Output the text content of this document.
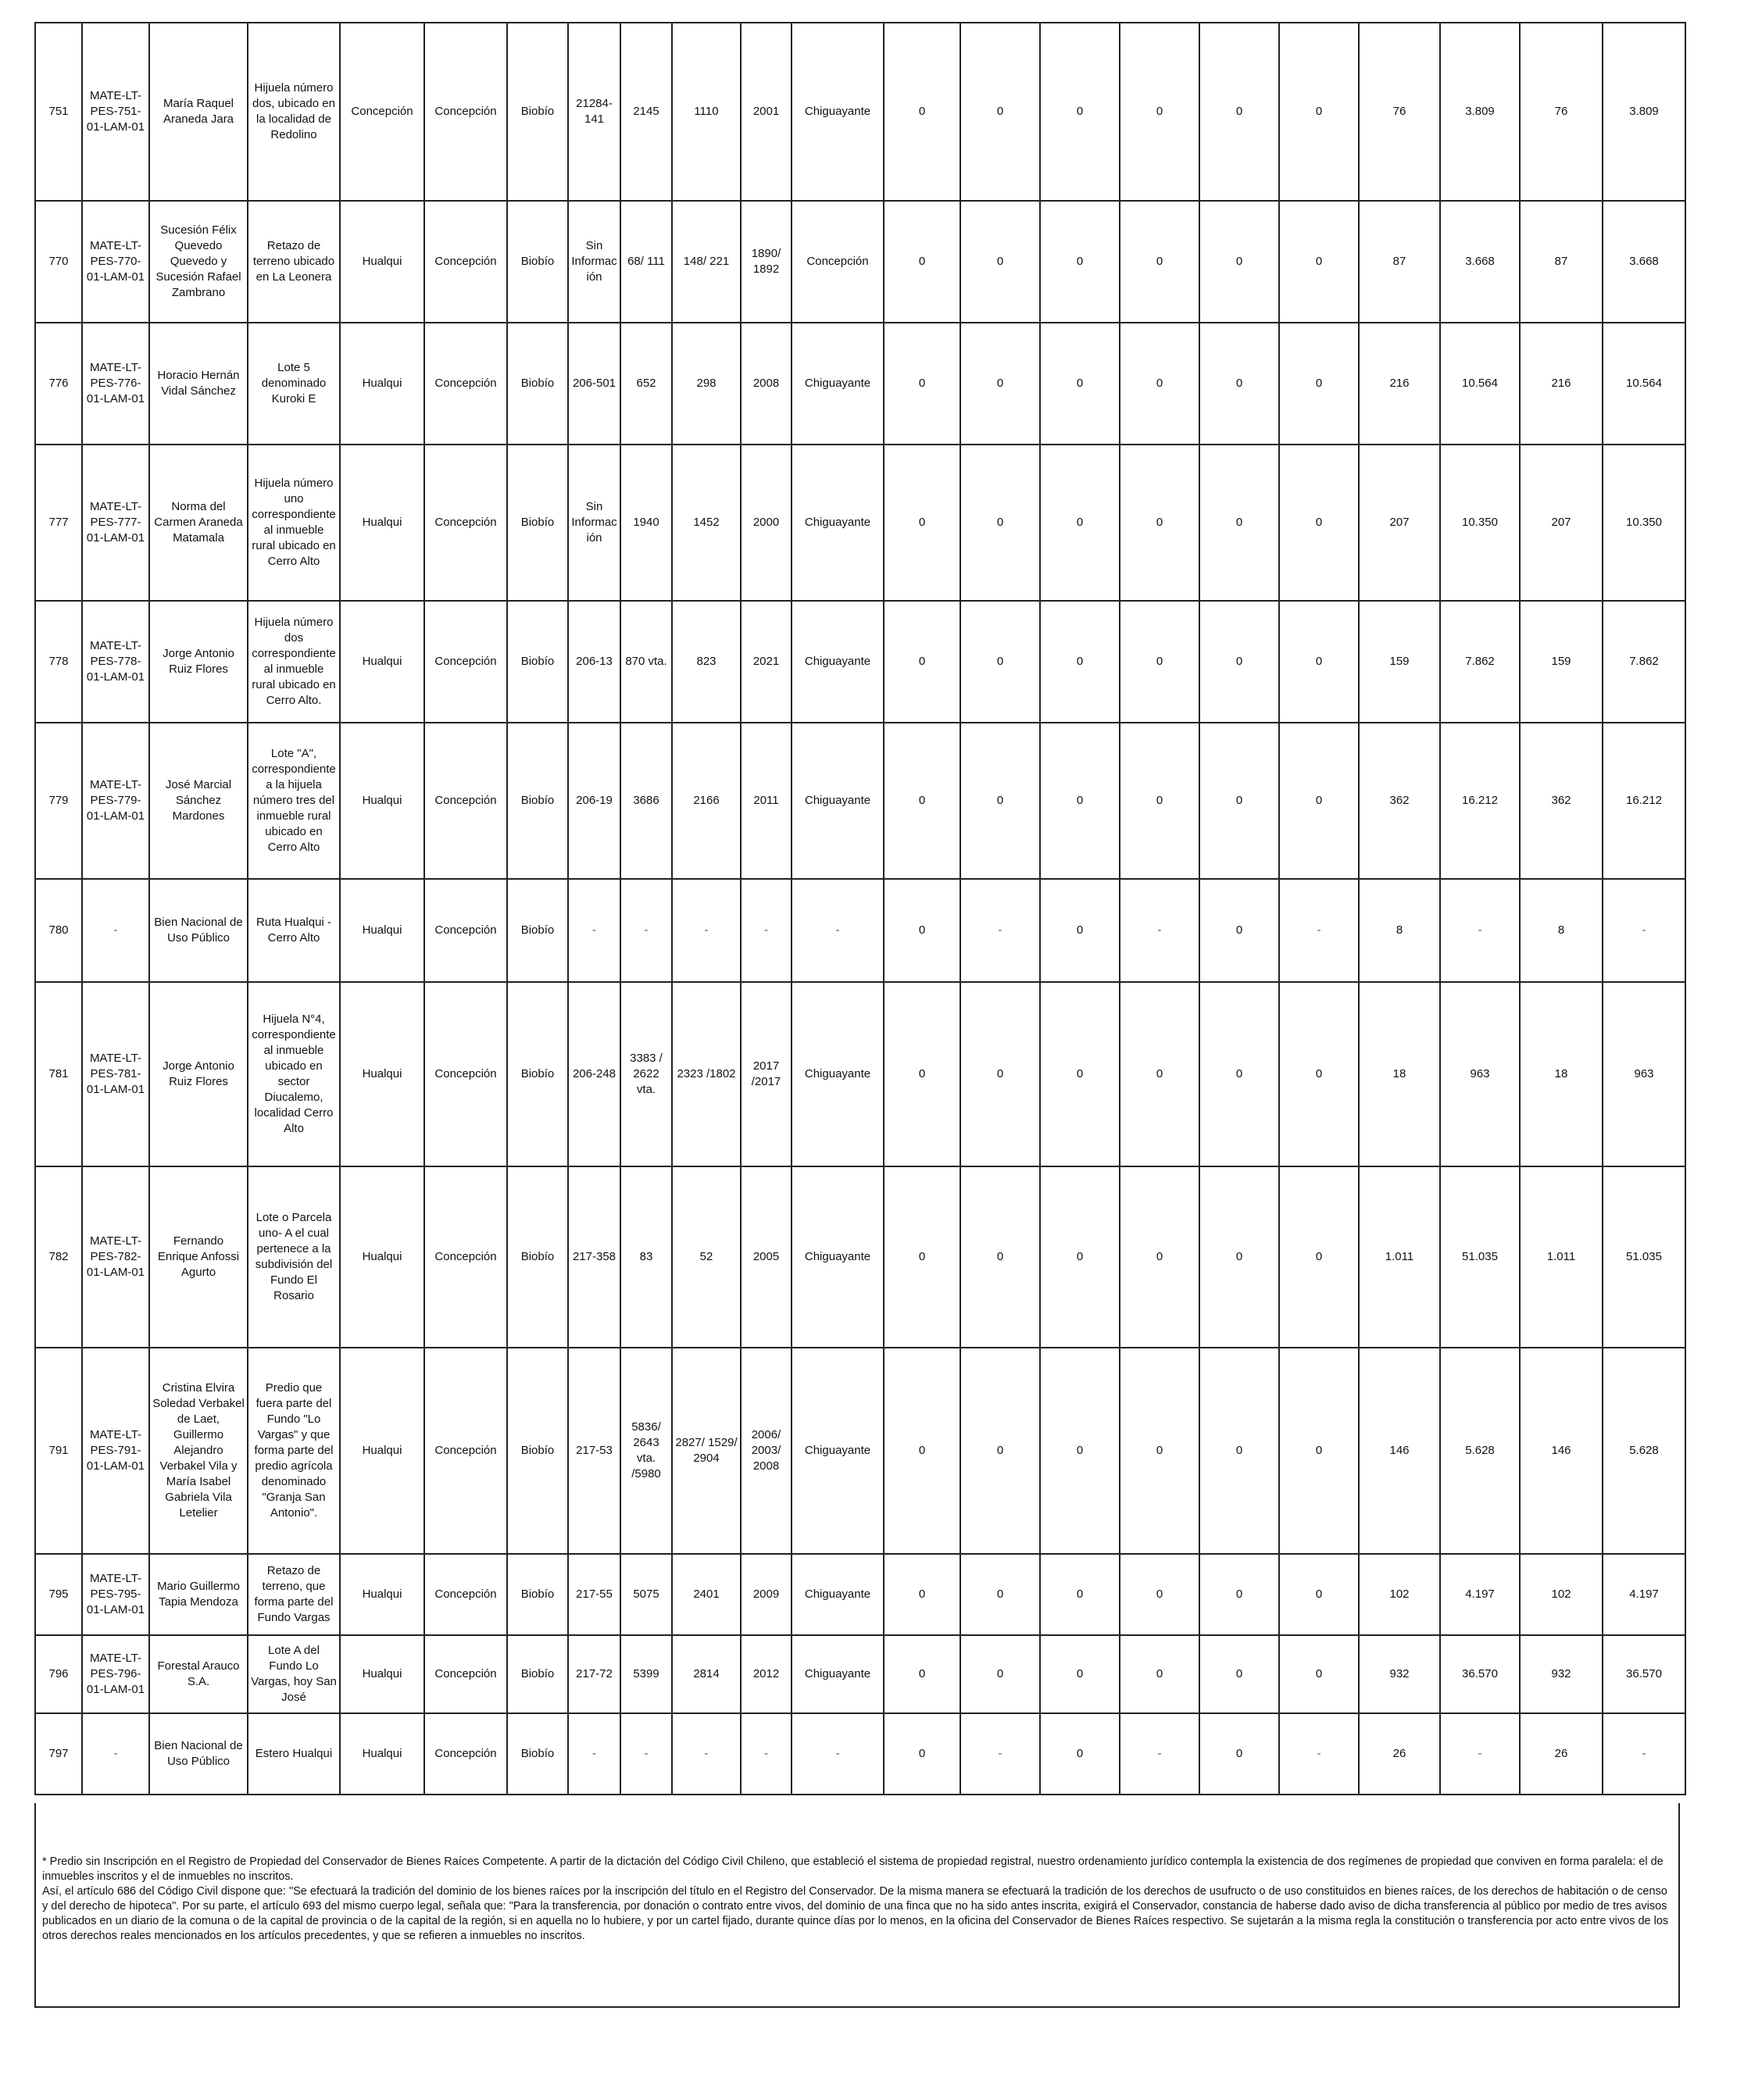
751	MATE-LT-PES-751-01-LAM-01	María Raquel Araneda Jara	Hijuela número dos, ubicado en la localidad de Redolino	Concepción	Concepción	Biobío	21284-141	2145	1110	2001	Chiguayante	0	0	0	0	0	0	76	3.809	76	3.809
770	MATE-LT-PES-770-01-LAM-01	Sucesión Félix Quevedo Quevedo y Sucesión Rafael Zambrano	Retazo de terreno ubicado en La Leonera	Hualqui	Concepción	Biobío	Sin Información	68/ 111	148/ 221	1890/ 1892	Concepción	0	0	0	0	0	0	87	3.668	87	3.668
776	MATE-LT-PES-776-01-LAM-01	Horacio Hernán Vidal Sánchez	Lote 5 denominado Kuroki E	Hualqui	Concepción	Biobío	206-501	652	298	2008	Chiguayante	0	0	0	0	0	0	216	10.564	216	10.564
777	MATE-LT-PES-777-01-LAM-01	Norma del Carmen Araneda Matamala	Hijuela número uno correspondiente al inmueble rural ubicado en Cerro Alto	Hualqui	Concepción	Biobío	Sin Información	1940	1452	2000	Chiguayante	0	0	0	0	0	0	207	10.350	207	10.350
778	MATE-LT-PES-778-01-LAM-01	Jorge Antonio Ruiz Flores	Hijuela número dos correspondiente al inmueble rural ubicado en Cerro Alto.	Hualqui	Concepción	Biobío	206-13	870 vta.	823	2021	Chiguayante	0	0	0	0	0	0	159	7.862	159	7.862
779	MATE-LT-PES-779-01-LAM-01	José Marcial Sánchez Mardones	Lote "A", correspondiente a la hijuela número tres del inmueble rural ubicado en Cerro Alto	Hualqui	Concepción	Biobío	206-19	3686	2166	2011	Chiguayante	0	0	0	0	0	0	362	16.212	362	16.212
780	-	Bien Nacional de Uso Público	Ruta Hualqui - Cerro Alto	Hualqui	Concepción	Biobío	-	-	-	-	-	0	-	0	-	0	-	8	-	8	-
781	MATE-LT-PES-781-01-LAM-01	Jorge Antonio Ruiz Flores	Hijuela N°4, correspondiente al inmueble ubicado en sector Diucalemo, localidad Cerro Alto	Hualqui	Concepción	Biobío	206-248	3383 / 2622 vta.	2323 /1802	2017 /2017	Chiguayante	0	0	0	0	0	0	18	963	18	963
782	MATE-LT-PES-782-01-LAM-01	Fernando Enrique Anfossi Agurto	Lote o Parcela uno- A el cual pertenece a la subdivisión del Fundo El Rosario	Hualqui	Concepción	Biobío	217-358	83	52	2005	Chiguayante	0	0	0	0	0	0	1.011	51.035	1.011	51.035
791	MATE-LT-PES-791-01-LAM-01	Cristina Elvira Soledad Verbakel de Laet, Guillermo Alejandro Verbakel Vila y María Isabel Gabriela Vila Letelier	Predio que fuera parte del Fundo "Lo Vargas" y que forma parte del predio agrícola denominado "Granja San Antonio".	Hualqui	Concepción	Biobío	217-53	5836/ 2643 vta. /5980	2827/ 1529/ 2904	2006/ 2003/ 2008	Chiguayante	0	0	0	0	0	0	146	5.628	146	5.628
795	MATE-LT-PES-795-01-LAM-01	Mario Guillermo Tapia Mendoza	Retazo de terreno, que forma parte del Fundo Vargas	Hualqui	Concepción	Biobío	217-55	5075	2401	2009	Chiguayante	0	0	0	0	0	0	102	4.197	102	4.197
796	MATE-LT-PES-796-01-LAM-01	Forestal Arauco S.A.	Lote A del Fundo Lo Vargas, hoy San José	Hualqui	Concepción	Biobío	217-72	5399	2814	2012	Chiguayante	0	0	0	0	0	0	932	36.570	932	36.570
797	-	Bien Nacional de Uso Público	Estero Hualqui	Hualqui	Concepción	Biobío	-	-	-	-	-	0	-	0	-	0	-	26	-	26	-

* Predio sin Inscripción en el Registro de Propiedad del Conservador de Bienes Raíces Competente. A partir de la dictación del Código Civil Chileno, que estableció el sistema de propiedad registral, nuestro ordenamiento jurídico contempla la existencia de dos regímenes de propiedad que conviven en forma paralela: el de inmuebles inscritos y el de inmuebles no inscritos.

Así, el artículo 686 del Código Civil dispone que: "Se efectuará la tradición del dominio de los bienes raíces por la inscripción del título en el Registro del Conservador. De la misma manera se efectuará la tradición de los derechos de usufructo o de uso constituidos en bienes raíces, de los derechos de habitación o de censo y del derecho de hipoteca". Por su parte, el artículo 693 del mismo cuerpo legal, señala que: "Para la transferencia, por donación o contrato entre vivos, del dominio de una finca que no ha sido antes inscrita, exigirá el Conservador, constancia de haberse dado aviso de dicha transferencia al público por medio de tres avisos publicados en un diario de la comuna o de la capital de provincia o de la capital de la región, si en aquella no lo hubiere, y por un cartel fijado, durante quince días por lo menos, en la oficina del Conservador de Bienes Raíces respectivo. Se sujetarán a la misma regla la constitución o transferencia por acto entre vivos de los otros derechos reales mencionados en los artículos precedentes, y que se refieren a inmuebles no inscritos.
